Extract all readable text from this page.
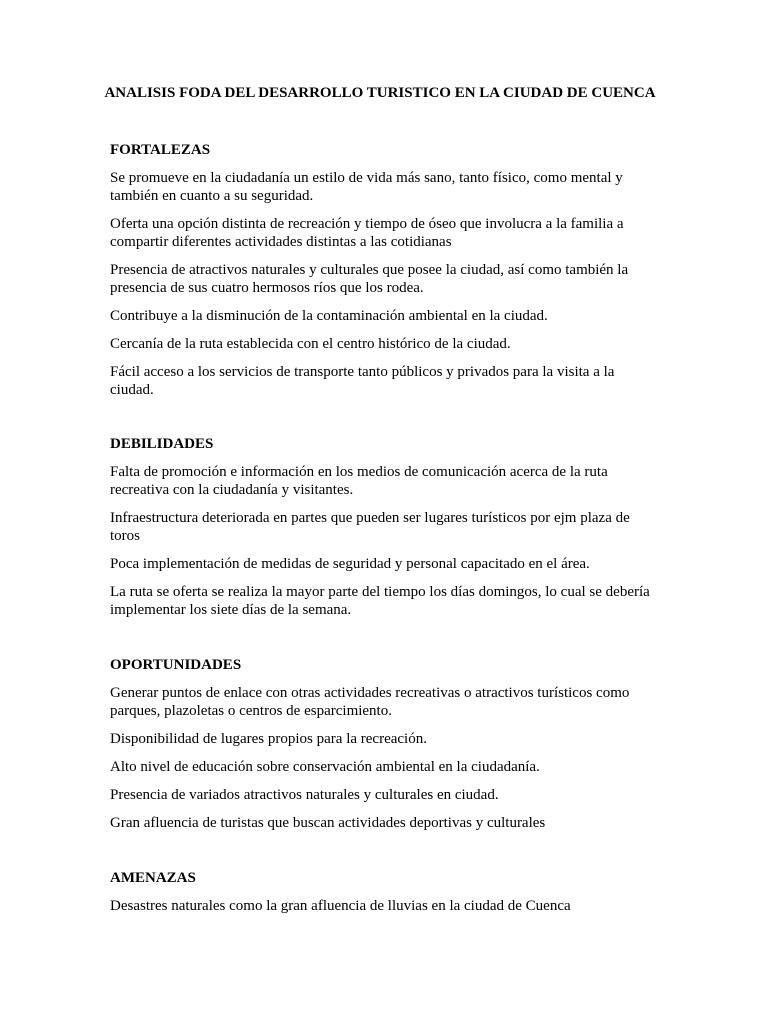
ANALISIS FODA DEL DESARROLLO TURISTICO EN LA CIUDAD DE CUENCA
FORTALEZAS

Se promueve en la ciudadanía un estilo de vida más sano, tanto físico, como mental y también en cuanto a su seguridad.

Oferta una opción distinta de recreación y tiempo de óseo que involucra a la familia a compartir diferentes actividades distintas a las cotidianas

Presencia de atractivos naturales y culturales que posee la ciudad, así como también la presencia de sus cuatro hermosos ríos que los rodea.

Contribuye a la disminución de la contaminación ambiental en la ciudad.

Cercanía de la ruta establecida con el centro histórico de la ciudad.

Fácil acceso a los servicios de transporte tanto públicos y privados para la visita a la ciudad.

DEBILIDADES

Falta de promoción e información en los medios de comunicación acerca de la ruta recreativa con la ciudadanía y visitantes.

Infraestructura deteriorada en partes que pueden ser lugares turísticos por ejm plaza de toros

Poca implementación de medidas de seguridad y personal capacitado en el área.

La ruta se oferta se realiza la mayor parte del tiempo los días domingos, lo cual se debería implementar los siete días de la semana.

OPORTUNIDADES

Generar puntos de enlace con otras actividades recreativas o atractivos turísticos como parques, plazoletas o centros de esparcimiento.

Disponibilidad de lugares propios para la recreación.

Alto nivel de educación sobre conservación ambiental en la ciudadanía.

Presencia de variados atractivos naturales y culturales en ciudad.

Gran afluencia de turistas que buscan actividades deportivas y culturales

AMENAZAS

Desastres naturales como la gran afluencia de lluvias en la ciudad de Cuenca
